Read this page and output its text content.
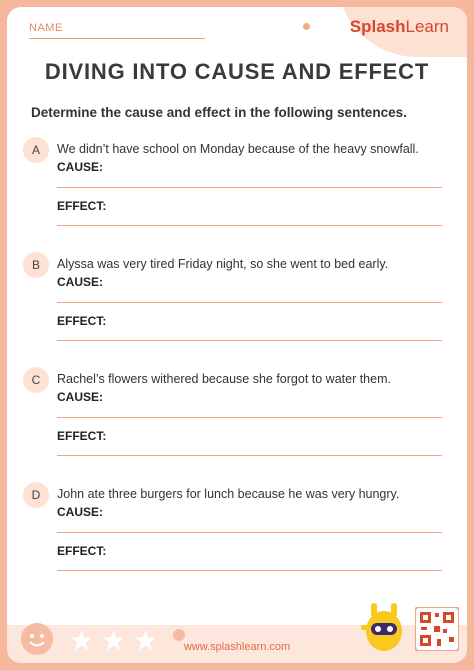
NAME	SplashLearn
DIVING INTO CAUSE AND EFFECT
Determine the cause and effect in the following sentences.
A	We didn’t have school on Monday because of the heavy snowfall.
CAUSE:
EFFECT:
B	Alyssa was very tired Friday night, so she went to bed early.
CAUSE:
EFFECT:
C	Rachel’s flowers withered because she forgot to water them.
CAUSE:
EFFECT:
D	John ate three burgers for lunch because he was very hungry.
CAUSE:
EFFECT:
★ ★ ★	www.splashlearn.com
